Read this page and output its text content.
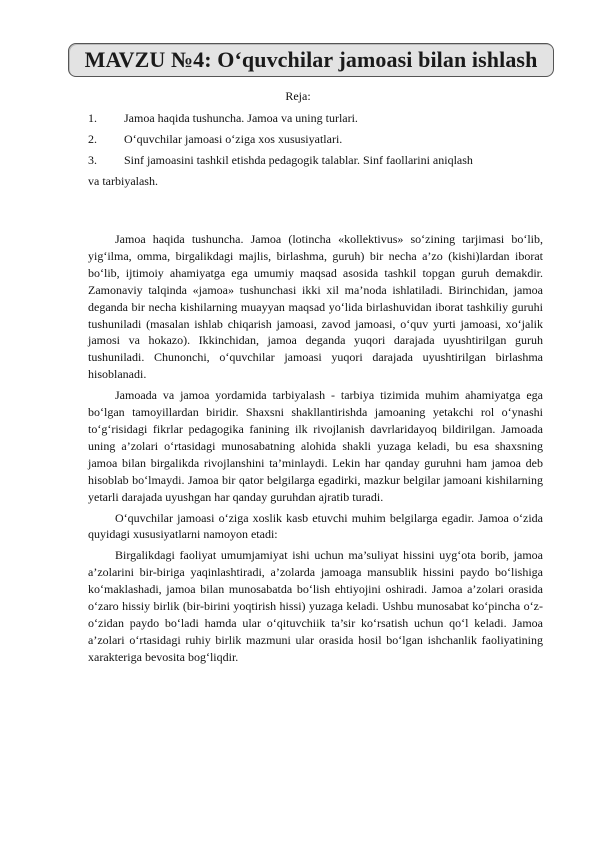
MAVZU №4: O‘quvchilar jamoasi bilan ishlash
Reja:
1. Jamoa haqida tushuncha. Jamoa va uning turlari.
2. O‘quvchilar jamoasi o‘ziga xos xususiyatlari.
3. Sinf jamoasini tashkil etishda pedagogik talablar. Sinf faollarini aniqlash
va tarbiyalash.

Jamoa haqida tushuncha. Jamoa (lotincha «kollektivus» so‘zining tarjimasi bo‘lib, yig‘ilma, omma, birgalikdagi majlis, birlashma, guruh) bir necha a’zo (kishi)lardan iborat bo‘lib, ijtimoiy ahamiyatga ega umumiy maqsad asosida tashkil topgan guruh demakdir. Zamonaviy talqinda «jamoa» tushunchasi ikki xil ma’noda ishlatiladi. Birinchidan, jamoa deganda bir necha kishilarning muayyan maqsad yo‘lida birlashuvidan iborat tashkiliy guruhi tushuniladi (masalan ishlab chiqarish jamoasi, zavod jamoasi, o‘quv yurti jamoasi, xo‘jalik jamosi va hokazo). Ikkinchidan, jamoa deganda yuqori darajada uyushtirilgan guruh tushuniladi. Chunonchi, o‘quvchilar jamoasi yuqori darajada uyushtirilgan birlashma hisoblanadi.

Jamoada va jamoa yordamida tarbiyalash - tarbiya tizimida muhim ahamiyatga ega bo‘lgan tamoyillardan biridir. Shaxsni shakllantirishda jamoaning yetakchi rol o‘ynashi to‘g‘risidagi fikrlar pedagogika fanining ilk rivojlanish davrlaridayoq bildirilgan. Jamoada uning a’zolari o‘rtasidagi munosabatning alohida shakli yuzaga keladi, bu esa shaxsning jamoa bilan birgalikda rivojlanshini ta’minlaydi. Lekin har qanday guruhni ham jamoa deb hisoblab bo‘lmaydi. Jamoa bir qator belgilarga egadirki, mazkur belgilar jamoani kishilarning yetarli darajada uyushgan har qanday guruhdan ajratib turadi.

O‘quvchilar jamoasi o‘ziga xoslik kasb etuvchi muhim belgilarga egadir. Jamoa o‘zida quyidagi xususiyatlarni namoyon etadi:

Birgalikdagi faoliyat umumjamiyat ishi uchun ma’suliyat hissini uyg‘ota borib, jamoa a’zolarini bir-biriga yaqinlashtiradi, a’zolarda jamoaga mansublik hissini paydo bo‘lishiga ko‘maklashadi, jamoa bilan munosabatda bo‘lish ehtiyojini oshiradi. Jamoa a’zolari orasida o‘zaro hissiy birlik (bir-birini yoqtirish hissi) yuzaga keladi. Ushbu munosabat ko‘pincha o‘z-o‘zidan paydo bo‘ladi hamda ular o‘qituvchiik ta’sir ko‘rsatish uchun qo‘l keladi. Jamoa a’zolari o‘rtasidagi ruhiy birlik mazmuni ular orasida hosil bo‘lgan ishchanlik faoliyatining xarakteriga bevosita bog‘liqdir.
